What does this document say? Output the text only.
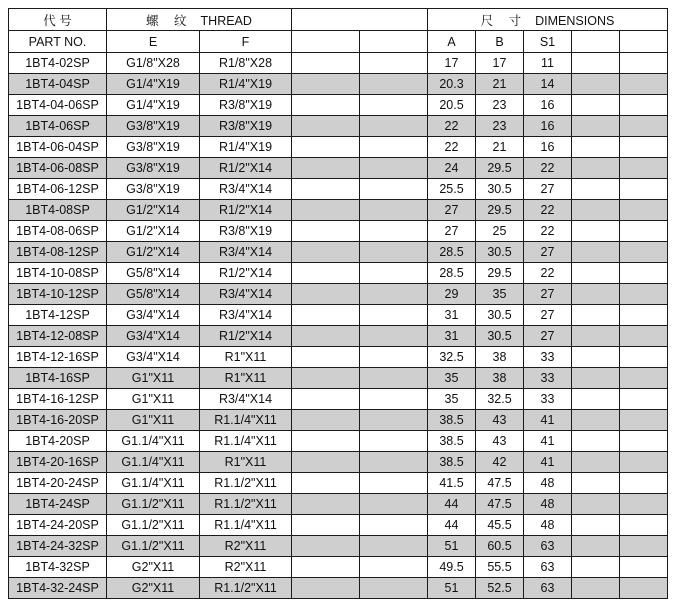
代 号	螺 纹 THREAD				尺 寸 DIMENSIONS				
PART NO.	E	F			A	B	S1		
1BT4-02SP	G1/8"X28	R1/8"X28			17	17	11		
1BT4-04SP	G1/4"X19	R1/4"X19			20.3	21	14		
1BT4-04-06SP	G1/4"X19	R3/8"X19			20.5	23	16		
1BT4-06SP	G3/8"X19	R3/8"X19			22	23	16		
1BT4-06-04SP	G3/8"X19	R1/4"X19			22	21	16		
1BT4-06-08SP	G3/8"X19	R1/2"X14			24	29.5	22		
1BT4-06-12SP	G3/8"X19	R3/4"X14			25.5	30.5	27		
1BT4-08SP	G1/2"X14	R1/2"X14			27	29.5	22		
1BT4-08-06SP	G1/2"X14	R3/8"X19			27	25	22		
1BT4-08-12SP	G1/2"X14	R3/4"X14			28.5	30.5	27		
1BT4-10-08SP	G5/8"X14	R1/2"X14			28.5	29.5	22		
1BT4-10-12SP	G5/8"X14	R3/4"X14			29	35	27		
1BT4-12SP	G3/4"X14	R3/4"X14			31	30.5	27		
1BT4-12-08SP	G3/4"X14	R1/2"X14			31	30.5	27		
1BT4-12-16SP	G3/4"X14	R1"X11			32.5	38	33		
1BT4-16SP	G1"X11	R1"X11			35	38	33		
1BT4-16-12SP	G1"X11	R3/4"X14			35	32.5	33		
1BT4-16-20SP	G1"X11	R1.1/4"X11			38.5	43	41		
1BT4-20SP	G1.1/4"X11	R1.1/4"X11			38.5	43	41		
1BT4-20-16SP	G1.1/4"X11	R1"X11			38.5	42	41		
1BT4-20-24SP	G1.1/4"X11	R1.1/2"X11			41.5	47.5	48		
1BT4-24SP	G1.1/2"X11	R1.1/2"X11			44	47.5	48		
1BT4-24-20SP	G1.1/2"X11	R1.1/4"X11			44	45.5	48		
1BT4-24-32SP	G1.1/2"X11	R2"X11			51	60.5	63		
1BT4-32SP	G2"X11	R2"X11			49.5	55.5	63		
1BT4-32-24SP	G2"X11	R1.1/2"X11			51	52.5	63		
